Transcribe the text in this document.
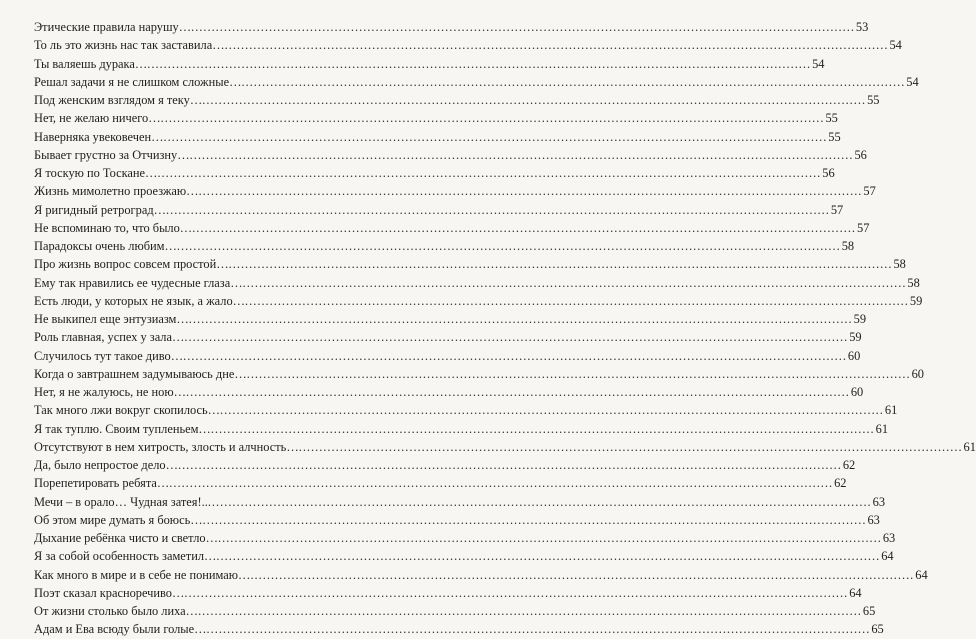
Этические правила нарушу… .....	53
То ль это жизнь нас так заставила… .....	54
Ты валяешь дурака… .....	54
Решал задачи я не слишком сложные… .....	54
Под женским взглядом я теку… .....	55
Нет, не желаю ничего… .....	55
Наверняка увековечен… .....	55
Бывает грустно за Отчизну… .....	56
Я тоскую по Тоскане… .....	56
Жизнь мимолетно проезжаю… .....	57
Я ригидный ретроград… .....	57
Не вспоминаю то, что было… .....	57
Парадоксы очень любим… .....	58
Про жизнь вопрос совсем простой… .....	58
Ему так нравились ее чудесные глаза… .....	58
Есть люди, у которых не язык, а жало… .....	59
Не выкипел еще энтузиазм… .....	59
Роль главная, успех у зала… .....	59
Случилось тут такое диво… .....	60
Когда о завтрашнем задумываюсь дне… .....	60
Нет, я не жалуюсь, не ною… .....	60
Так много лжи вокруг скопилось… .....	61
Я так туплю. Своим тупленьем… .....	61
Отсутствуют в нем хитрость, злость и алчность… .....	61
Да, было непростое дело… .....	62
Порепетировать ребята… .....	62
Мечи – в орало… Чудная затея!.. .....	63
Об этом мире думать я боюсь… .....	63
Дыхание ребёнка чисто и светло… .....	63
Я за собой особенность заметил… .....	64
Как много в мире и в себе не понимаю… .....	64
Поэт сказал красноречиво… .....	64
От жизни столько было лиха… .....	65
Адам и Ева всюду были голые… .....	65
